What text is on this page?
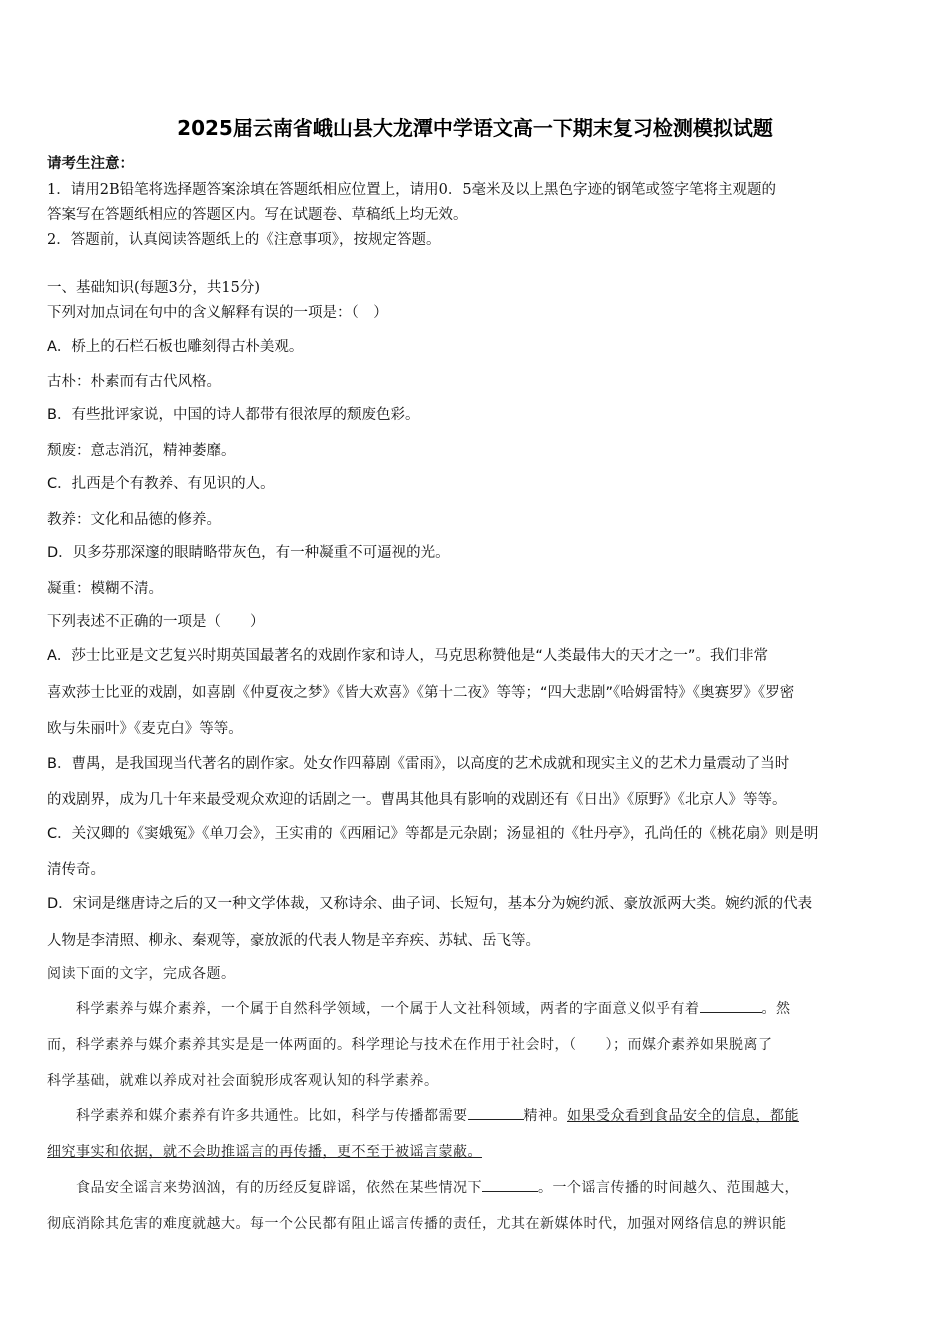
2025届云南省峨山县大龙潭中学语文高一下期末复习检测模拟试题
请考生注意：
1．请用2B铅笔将选择题答案涂填在答题纸相应位置上，请用0．5毫米及以上黑色字迹的钢笔或签字笔将主观题的
答案写在答题纸相应的答题区内。写在试题卷、草稿纸上均无效。
2．答题前，认真阅读答题纸上的《注意事项》，按规定答题。
一、基础知识(每题3分，共15分)
下列对加点词在句中的含义解释有误的一项是：（　）
A．桥上的石栏石板也雕刻得古朴美观。
古朴：朴素而有古代风格。
B．有些批评家说，中国的诗人都带有很浓厚的颓废色彩。
颓废：意志消沉，精神萎靡。
C．扎西是个有教养、有见识的人。
教养：文化和品德的修养。
D．贝多芬那深邃的眼睛略带灰色，有一种凝重不可逼视的光。
凝重：模糊不清。
下列表述不正确的一项是（　　）
A．莎士比亚是文艺复兴时期英国最著名的戏剧作家和诗人，马克思称赞他是“人类最伟大的天才之一”。我们非常
喜欢莎士比亚的戏剧，如喜剧《仲夏夜之梦》《皆大欢喜》《第十二夜》等等；“四大悲剧”《哈姆雷特》《奥赛罗》《罗密
欧与朱丽叶》《麦克白》等等。
B．曹禺，是我国现当代著名的剧作家。处女作四幕剧《雷雨》，以高度的艺术成就和现实主义的艺术力量震动了当时
的戏剧界，成为几十年来最受观众欢迎的话剧之一。曹禺其他具有影响的戏剧还有《日出》《原野》《北京人》等等。
C．关汉卿的《窦娥冤》《单刀会》，王实甫的《西厢记》等都是元杂剧；汤显祖的《牡丹亭》，孔尚任的《桃花扇》则是明
清传奇。
D．宋词是继唐诗之后的又一种文学体裁，又称诗余、曲子词、长短句，基本分为婉约派、豪放派两大类。婉约派的代表
人物是李清照、柳永、秦观等，豪放派的代表人物是辛弃疾、苏轼、岳飞等。
阅读下面的文字，完成各题。
科学素养与媒介素养，一个属于自然科学领域，一个属于人文社科领域，两者的字面意义似乎有着	。然
而，科学素养与媒介素养其实是是一体两面的。科学理论与技术在作用于社会时，（　　）；而媒介素养如果脱离了
科学基础，就难以养成对社会面貌形成客观认知的科学素养。
科学素养和媒介素养有许多共通性。比如，科学与传播都需要	精神。如果受众看到食品安全的信息，都能
细究事实和依据，就不会助推谣言的再传播，更不至于被谣言蒙蔽。
食品安全谣言来势汹汹，有的历经反复辟谣，依然在某些情况下	。一个谣言传播的时间越久、范围越大，
彻底消除其危害的难度就越大。每一个公民都有阻止谣言传播的责任，尤其在新媒体时代，加强对网络信息的辨识能
